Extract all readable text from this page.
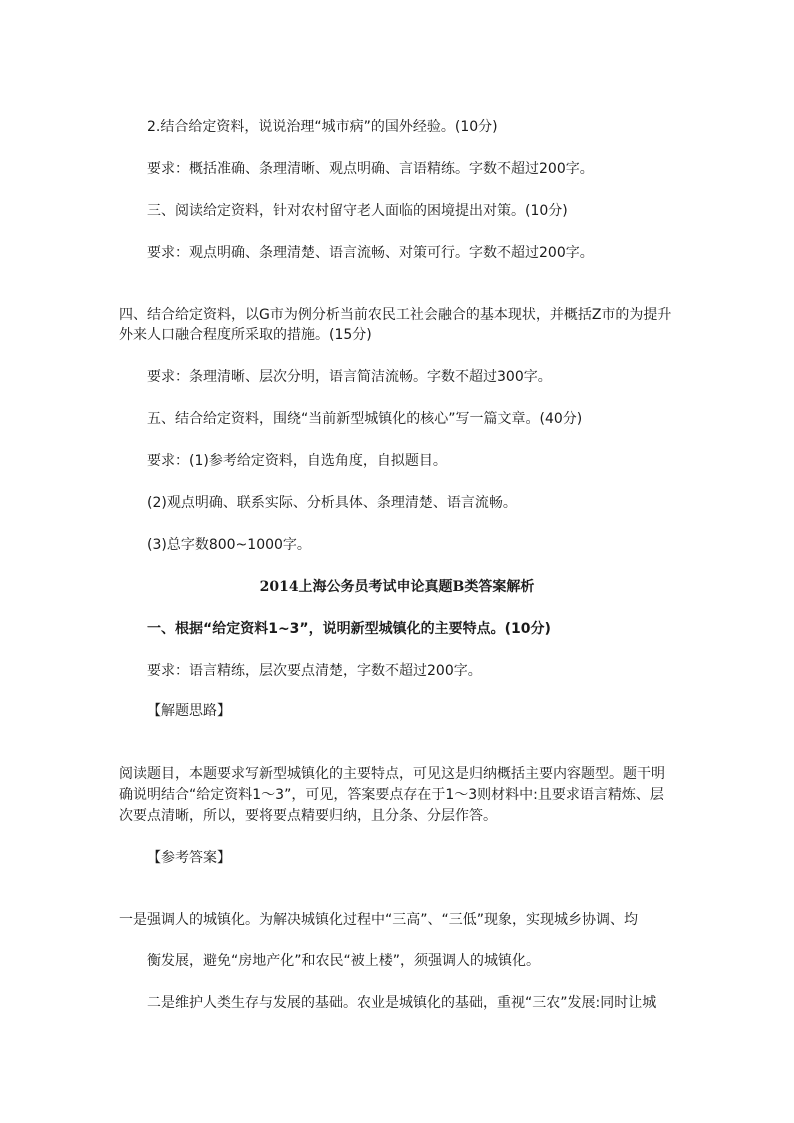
2.结合给定资料，说说治理“城市病”的国外经验。(10分)
要求：概括准确、条理清晰、观点明确、言语精练。字数不超过200字。
三、阅读给定资料，针对农村留守老人面临的困境提出对策。(10分)
要求：观点明确、条理清楚、语言流畅、对策可行。字数不超过200字。
四、结合给定资料，以G市为例分析当前农民工社会融合的基本现状，并概括Z市的为提升
外来人口融合程度所采取的措施。(15分)
要求：条理清晰、层次分明，语言简洁流畅。字数不超过300字。
五、结合给定资料，围绕“当前新型城镇化的核心”写一篇文章。(40分)
要求：(1)参考给定资料，自选角度，自拟题目。
(2)观点明确、联系实际、分析具体、条理清楚、语言流畅。
(3)总字数800~1000字。
2014上海公务员考试申论真题B类答案解析
一、根据“给定资料1~3”，说明新型城镇化的主要特点。(10分)
要求：语言精练，层次要点清楚，字数不超过200字。
【解题思路】
阅读题目，本题要求写新型城镇化的主要特点，可见这是归纳概括主要内容题型。题干明
确说明结合“给定资料1～3”，可见，答案要点存在于1～3则材料中:且要求语言精炼、层
次要点清晰，所以，要将要点精要归纳，且分条、分层作答。
【参考答案】
一是强调人的城镇化。为解决城镇化过程中“三高”、“三低”现象，实现城乡协调、均
衡发展，避免“房地产化”和农民“被上楼”，须强调人的城镇化。
二是维护人类生存与发展的基础。农业是城镇化的基础，重视“三农”发展:同时让城
